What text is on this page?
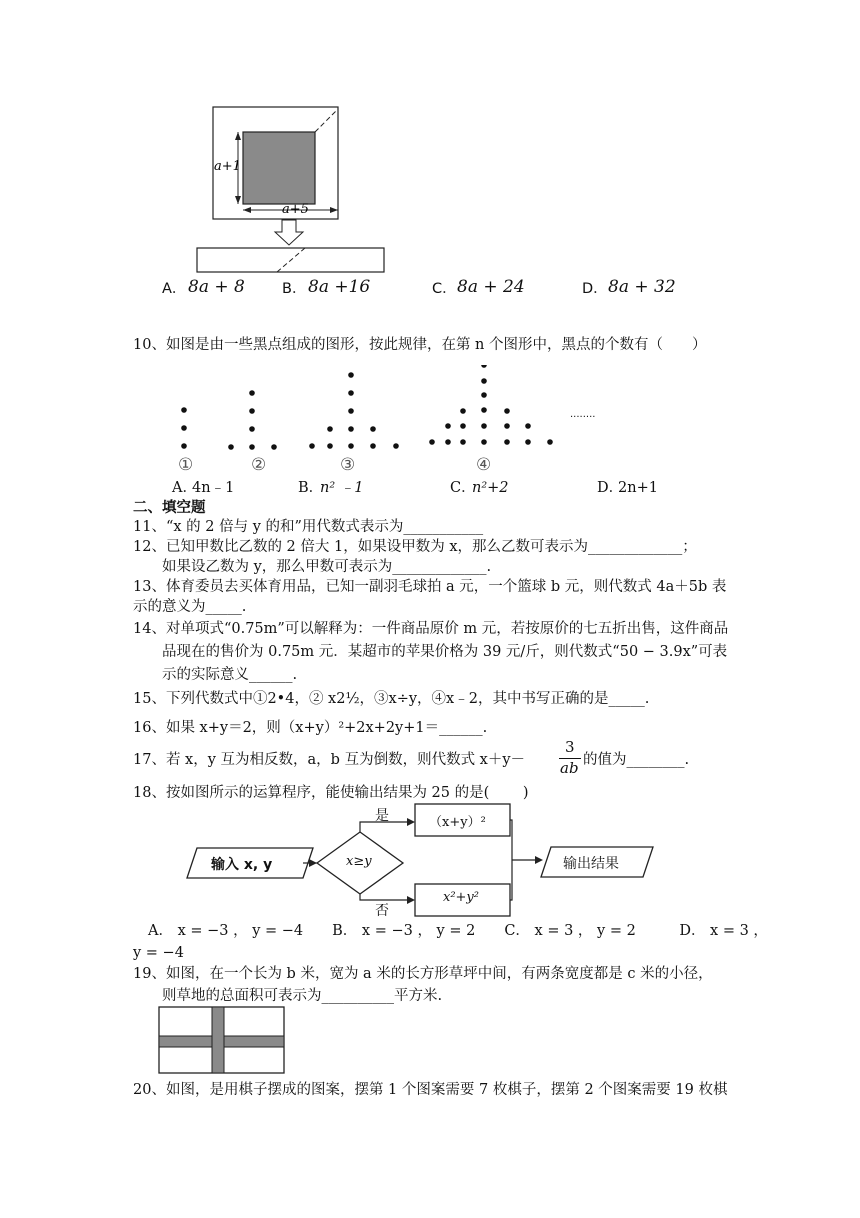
a+1
a+5
A． 8a + 8	B． 8a +16	C． 8a + 24	D． 8a + 32
10、如图是由一些黑点组成的图形，按此规律，在第 n 个图形中，黑点的个数有（　　）
········
①	②	③	④
A．
4n﹣1	B．
n² ﹣1	C．
n²+2	D．
2n+1
二、填空题
11、“x 的 2 倍与 y 的和”用代数式表示为___________
12、已知甲数比乙数的 2 倍大 1，如果设甲数为 x，那么乙数可表示为_____________；
如果设乙数为 y，那么甲数可表示为_____________.
13、体育委员去买体育用品，已知一副羽毛球拍 a 元，一个篮球 b 元，则代数式 4a＋5b 表
示的意义为_____.
14、对单项式“0.75m”可以解释为：一件商品原价 m 元，若按原价的七五折出售，这件商品
品现在的售价为 0.75m 元．某超市的苹果价格为 39 元/斤，则代数式“50 − 3.9x”可表
示的实际意义______.
15、下列代数式中①2•4，② x2½，③x÷y，④x﹣2，其中书写正确的是_____.
16、如果 x+y＝2，则（x+y）²+2x+2y+1＝______.
17、若 x，y 互为相反数，a，b 互为倒数，则代数式 x＋y－
3
ab 的值为________.
18、按如图所示的运算程序，能使输出结果为 25 的是(　　 )
输入 x, y	x≥y
是
否
（x+y）²
x²+y²
输出结果
A． x = −3 ， y = −4　　B． x = −3 ， y = 2　　C． x = 3 ， y = 2　　　D． x = 3 ，
y = −4
19、如图，在一个长为 b 米，宽为 a 米的长方形草坪中间，有两条宽度都是 c 米的小径，
则草地的总面积可表示为__________平方米.
20、如图，是用棋子摆成的图案，摆第 1 个图案需要 7 枚棋子，摆第 2 个图案需要 19 枚棋
